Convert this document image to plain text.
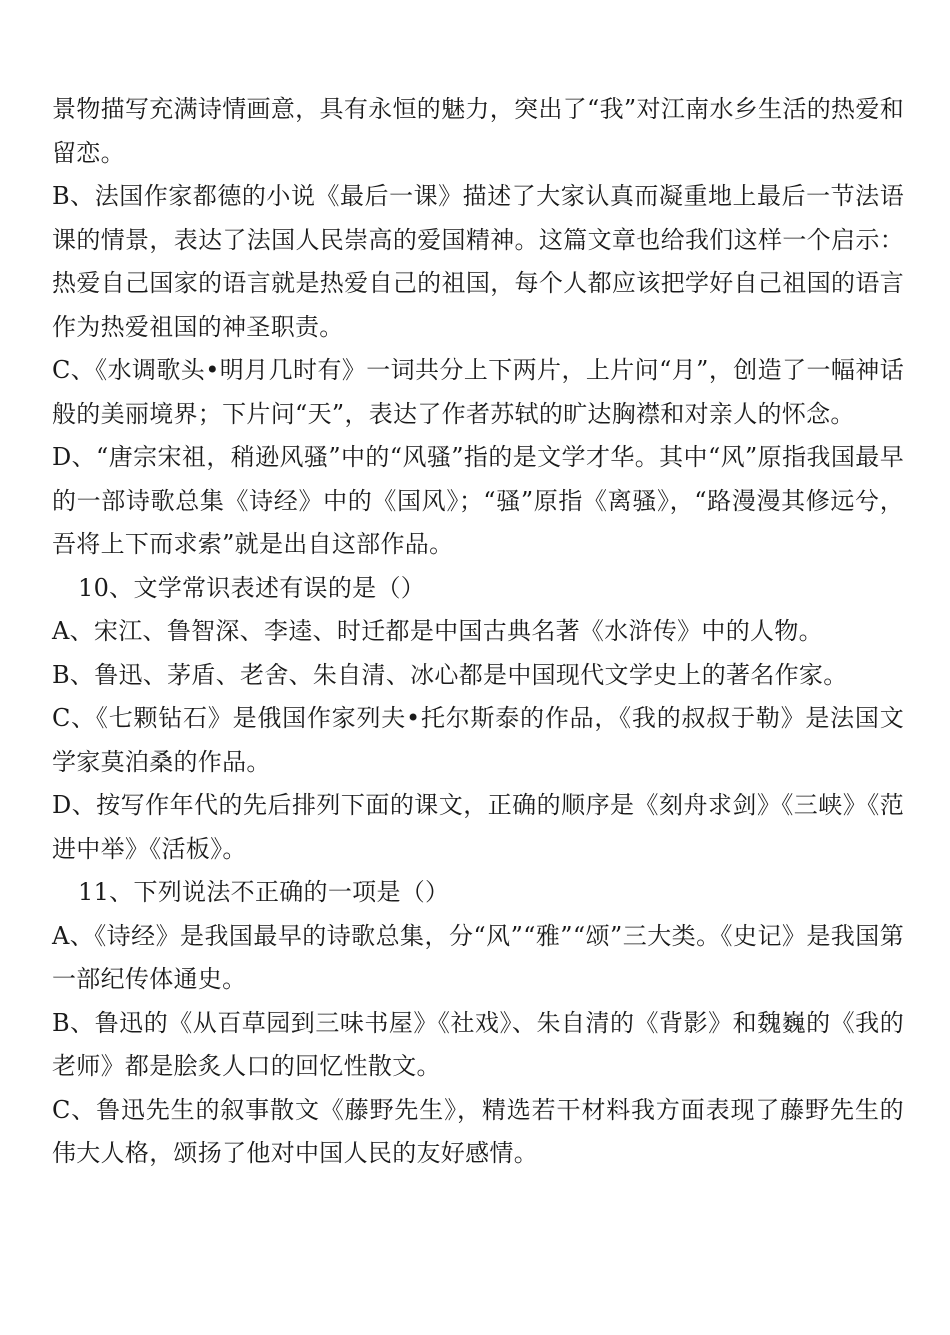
景物描写充满诗情画意，具有永恒的魅力，突出了“我”对江南水乡生活的热爱和留恋。

B、法国作家都德的小说《最后一课》描述了大家认真而凝重地上最后一节法语课的情景，表达了法国人民崇高的爱国精神。这篇文章也给我们这样一个启示：热爱自己国家的语言就是热爱自己的祖国，每个人都应该把学好自己祖国的语言作为热爱祖国的神圣职责。

C、《水调歌头•明月几时有》一词共分上下两片，上片问“月”，创造了一幅神话般的美丽境界；下片问“天”，表达了作者苏轼的旷达胸襟和对亲人的怀念。

D、“唐宗宋祖，稍逊风骚”中的“风骚”指的是文学才华。其中“风”原指我国最早的一部诗歌总集《诗经》中的《国风》；“骚”原指《离骚》，“路漫漫其修远兮，吾将上下而求索”就是出自这部作品。

10、文学常识表述有误的是（）

A、宋江、鲁智深、李逵、时迁都是中国古典名著《水浒传》中的人物。

B、鲁迅、茅盾、老舍、朱自清、冰心都是中国现代文学史上的著名作家。

C、《七颗钻石》是俄国作家列夫•托尔斯泰的作品，《我的叔叔于勒》是法国文学家莫泊桑的作品。

D、按写作年代的先后排列下面的课文，正确的顺序是《刻舟求剑》《三峡》《范进中举》《活板》。

11、下列说法不正确的一项是（）

A、《诗经》是我国最早的诗歌总集，分“风”“雅”“颂”三大类。《史记》是我国第一部纪传体通史。

B、鲁迅的《从百草园到三味书屋》《社戏》、朱自清的《背影》和魏巍的《我的老师》都是脍炙人口的回忆性散文。

C、鲁迅先生的叙事散文《藤野先生》，精选若干材料我方面表现了藤野先生的伟大人格，颂扬了他对中国人民的友好感情。
